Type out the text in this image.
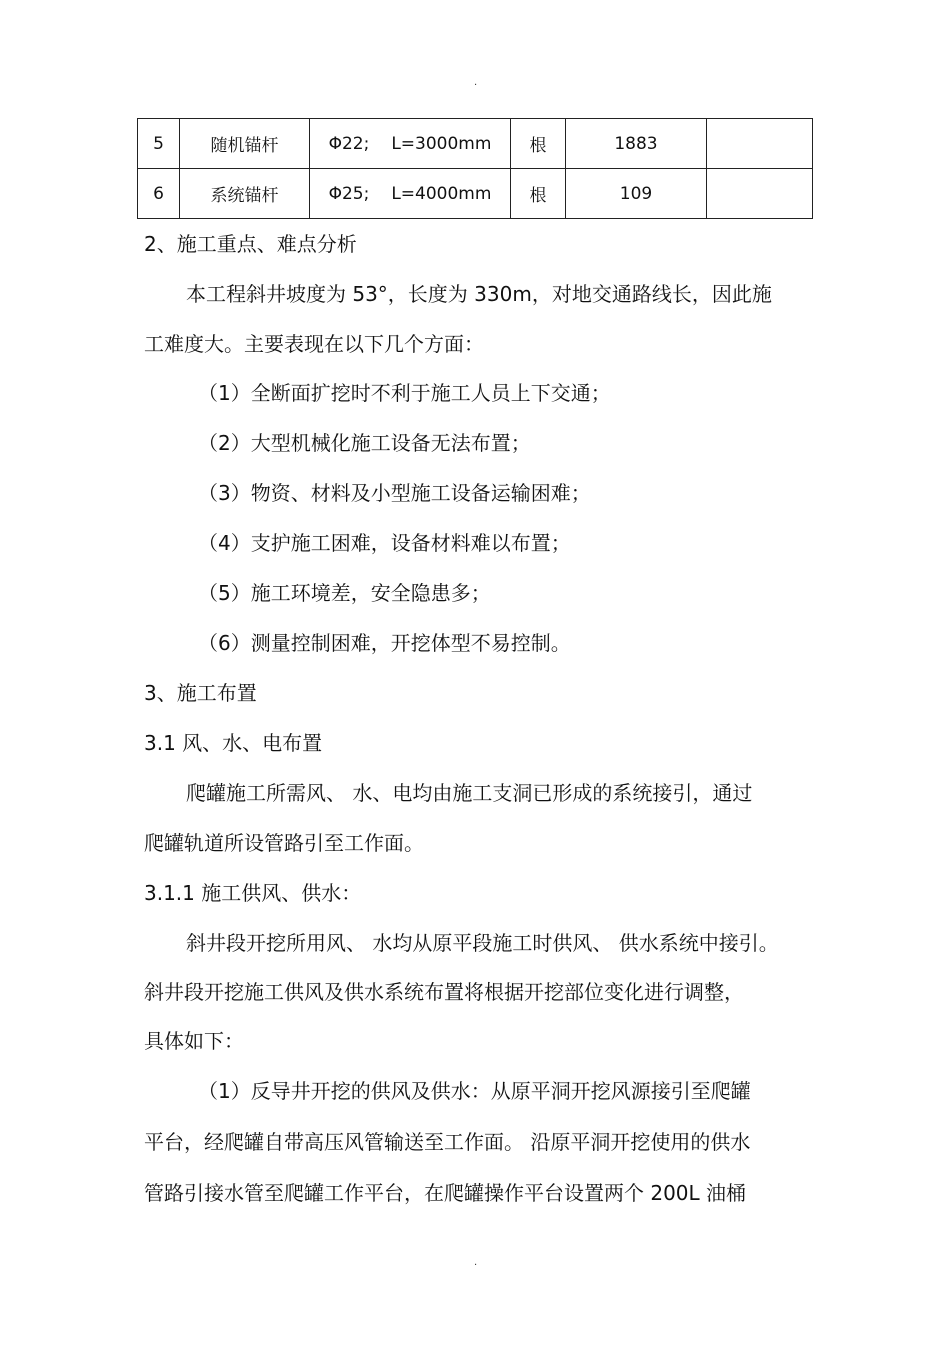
.
5	随机锚杆	Φ22; L=3000mm	根	1883	
6	系统锚杆	Φ25; L=4000mm	根	109	
2、施工重点、难点分析
本工程斜井坡度为 53°，长度为 330m，对地交通路线长，因此施
工难度大。主要表现在以下几个方面：
（1）全断面扩挖时不利于施工人员上下交通；
（2）大型机械化施工设备无法布置；
（3）物资、材料及小型施工设备运输困难；
（4）支护施工困难，设备材料难以布置；
（5）施工环境差，安全隐患多；
（6）测量控制困难，开挖体型不易控制。
3、施工布置
3.1 风、水、电布置
爬罐施工所需风、 水、电均由施工支洞已形成的系统接引，通过
爬罐轨道所设管路引至工作面。
3.1.1 施工供风、供水：
斜井段开挖所用风、 水均从原平段施工时供风、 供水系统中接引。
斜井段开挖施工供风及供水系统布置将根据开挖部位变化进行调整，
具体如下：
（1）反导井开挖的供风及供水：从原平洞开挖风源接引至爬罐
平台，经爬罐自带高压风管输送至工作面。 沿原平洞开挖使用的供水
管路引接水管至爬罐工作平台，在爬罐操作平台设置两个 200L 油桶
.
